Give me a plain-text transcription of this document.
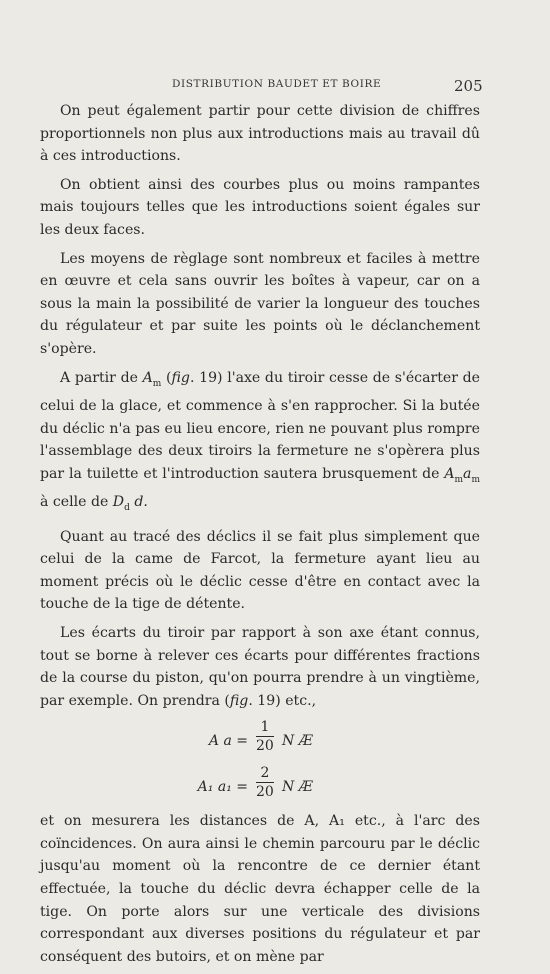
DISTRIBUTION BAUDET ET BOIRE	205

On peut également partir pour cette division de chiffres proportionnels non plus aux introductions mais au travail dû à ces introductions.

On obtient ainsi des courbes plus ou moins rampantes mais toujours telles que les introductions soient égales sur les deux faces.

Les moyens de règlage sont nombreux et faciles à mettre en œuvre et cela sans ouvrir les boîtes à vapeur, car on a sous la main la possibilité de varier la longueur des touches du régulateur et par suite les points où le déclanchement s'opère.

A partir de $A_m$ (fig. 19) l'axe du tiroir cesse de s'écarter de celui de la glace, et commence à s'en rapprocher. Si la butée du déclic n'a pas eu lieu encore, rien ne pouvant plus rompre l'assemblage des deux tiroirs la fermeture ne s'opèrera plus par la tuilette et l'introduction sautera brusquement de $A_ma_m$ à celle de $D_d$ d.

Quant au tracé des déclics il se fait plus simplement que celui de la came de Farcot, la fermeture ayant lieu au moment précis où le déclic cesse d'être en contact avec la touche de la tige de détente.

Les écarts du tiroir par rapport à son axe étant connus, tout se borne à relever ces écarts pour différentes fractions de la course du piston, qu'on pourra prendre à un vingtième, par exemple. On prendra (fig. 19) etc.,

A $a = \frac{1}{20}$ N Æ
A₁ $a_1 = \frac{2}{20}$ N Æ

et on mesurera les distances de A, A₁ etc., à l'arc des coïncidences. On aura ainsi le chemin parcouru par le déclic jusqu'au moment où la rencontre de ce dernier étant effectuée, la touche du déclic devra échapper celle de la tige. On porte alors sur une verticale des divisions correspondant aux diverses positions du régulateur et par conséquent des butoirs, et on mène par
